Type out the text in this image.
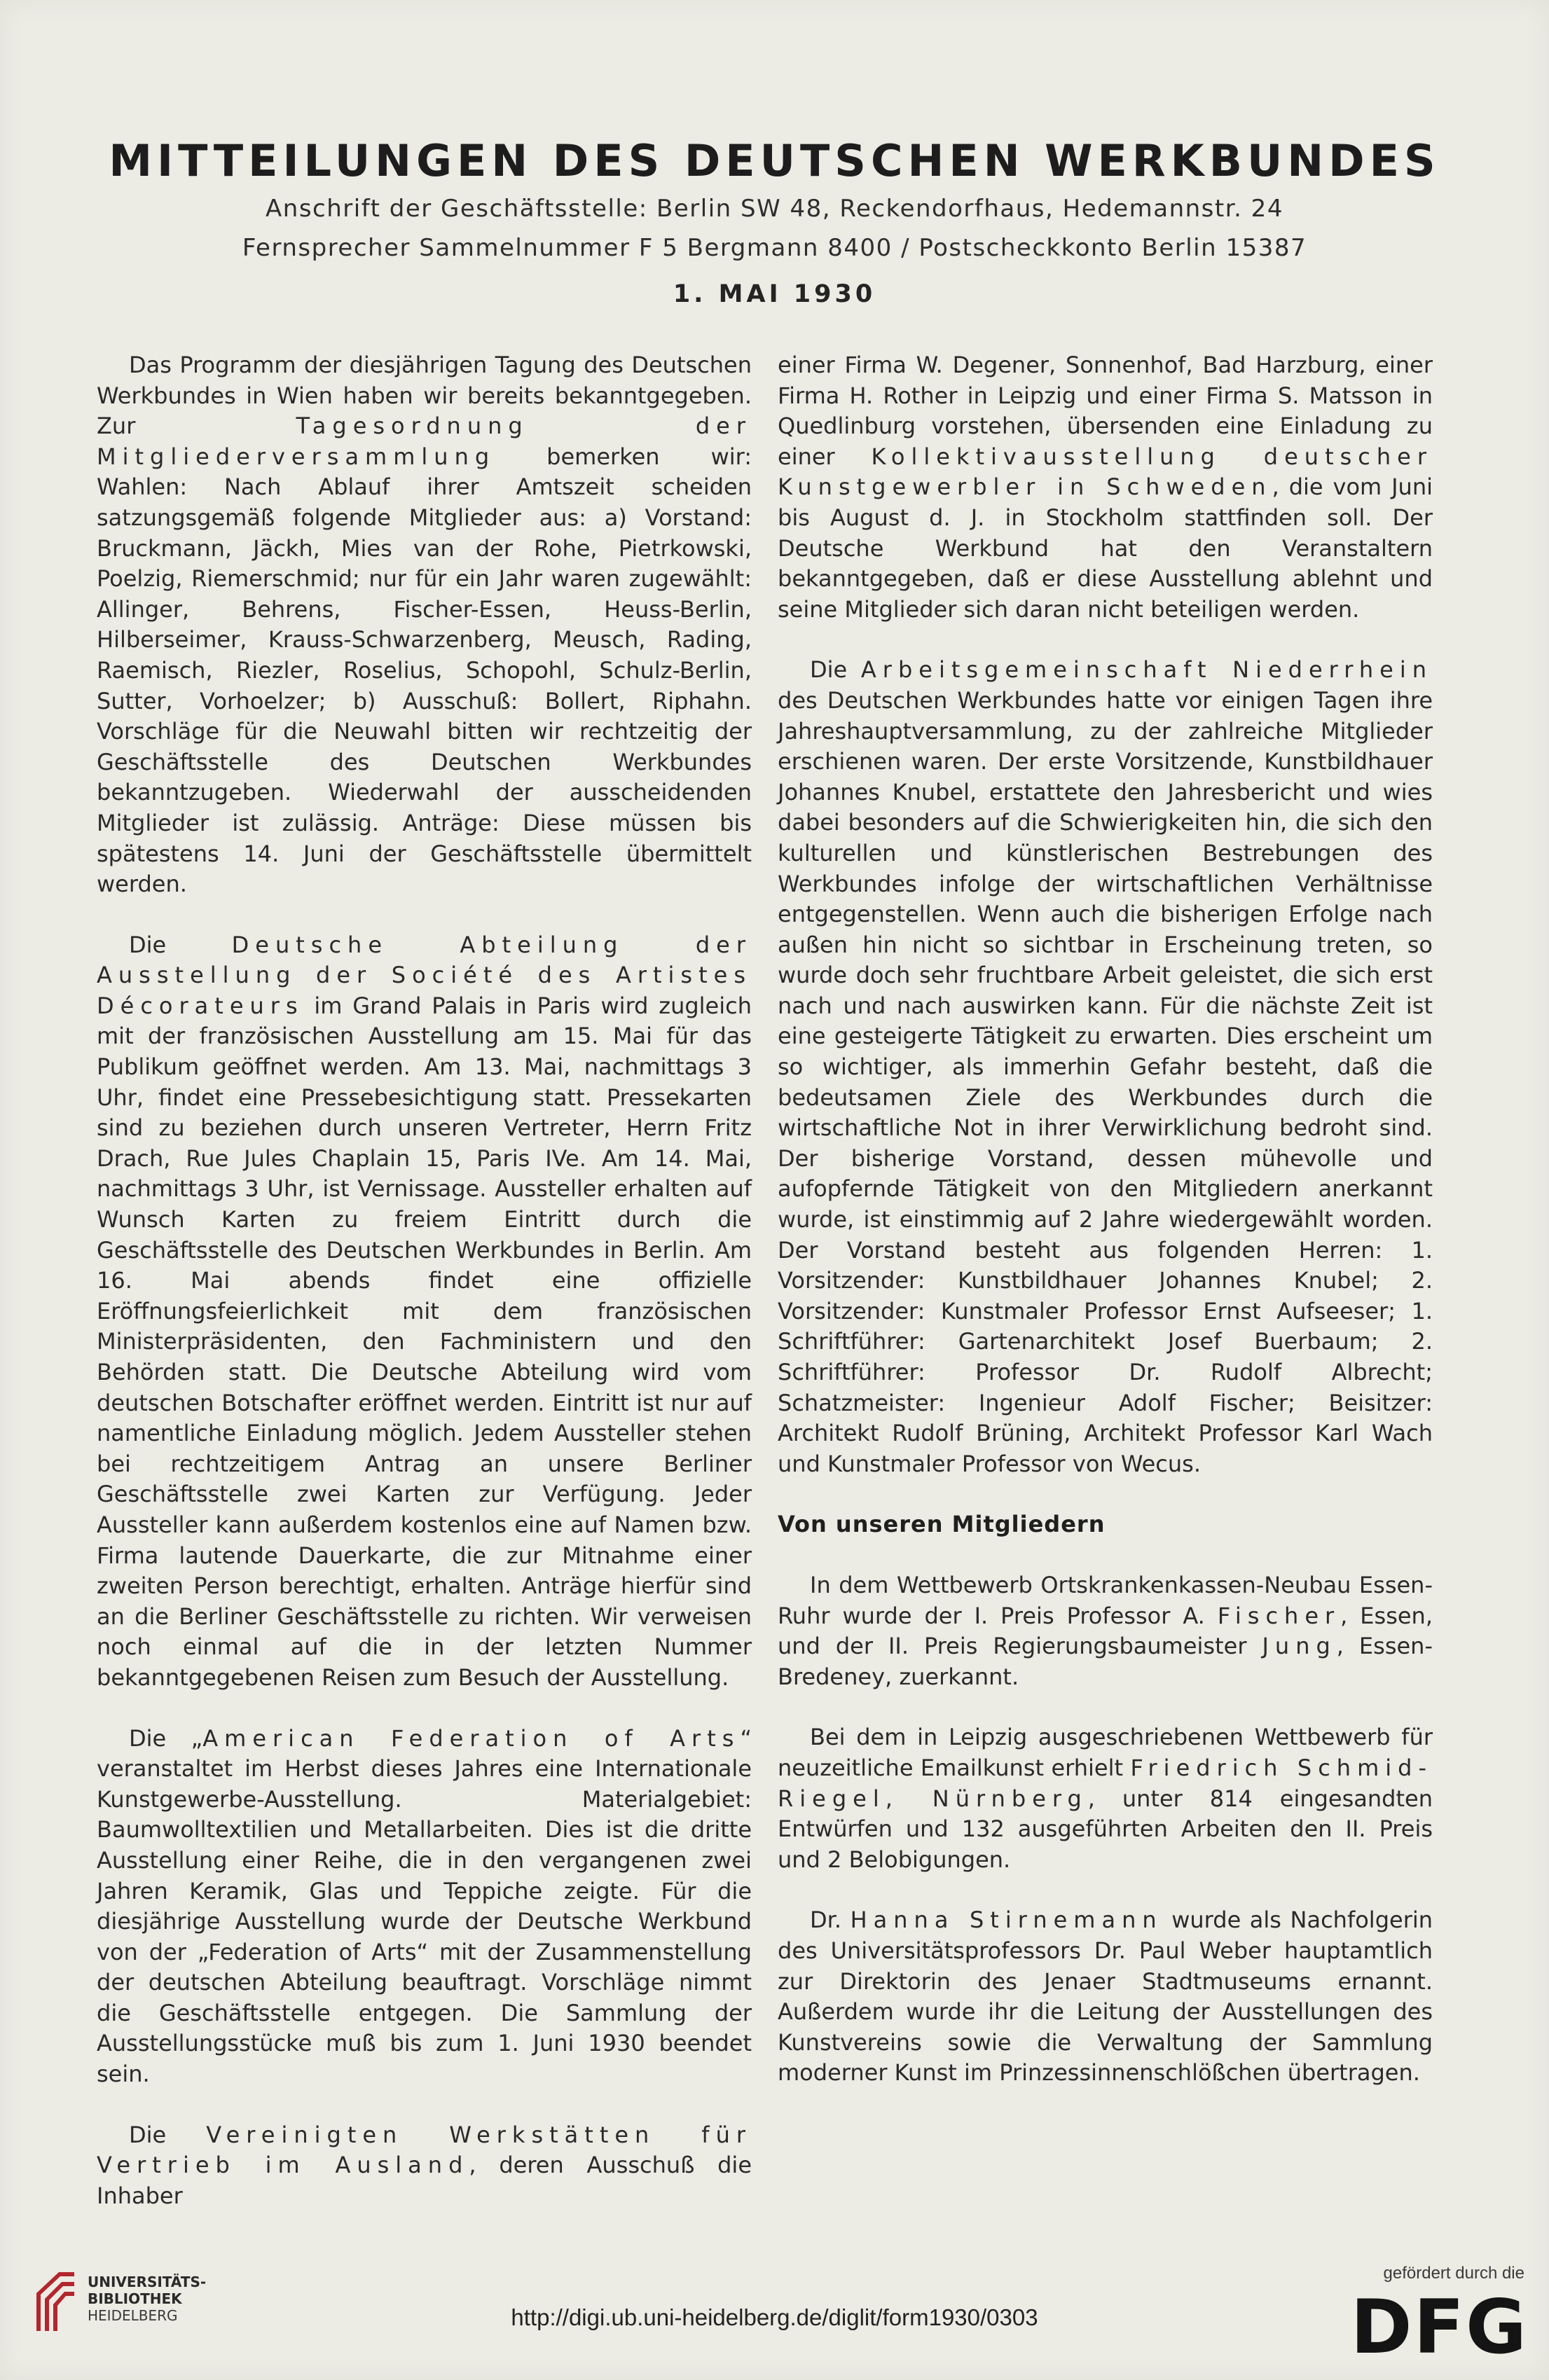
MITTEILUNGEN DES DEUTSCHEN WERKBUNDES
Anschrift der Geschäftsstelle: Berlin SW 48, Reckendorfhaus, Hedemannstr. 24
Fernsprecher Sammelnummer F 5 Bergmann 8400 / Postscheckkonto Berlin 15387
1. MAI 1930

Das Programm der diesjährigen Tagung des Deutschen Werkbundes in Wien haben wir bereits bekanntgegeben. Zur Tagesordnung der Mitgliederversammlung bemerken wir: Wahlen: Nach Ablauf ihrer Amtszeit scheiden satzungsgemäß folgende Mitglieder aus: a) Vorstand: Bruckmann, Jäckh, Mies van der Rohe, Pietrkowski, Poelzig, Riemerschmid; nur für ein Jahr waren zugewählt: Allinger, Behrens, Fischer-Essen, Heuss-Berlin, Hilberseimer, Krauss-Schwarzenberg, Meusch, Rading, Raemisch, Riezler, Roselius, Schopohl, Schulz-Berlin, Sutter, Vorhoelzer; b) Ausschuß: Bollert, Riphahn. Vorschläge für die Neuwahl bitten wir rechtzeitig der Geschäftsstelle des Deutschen Werkbundes bekanntzugeben. Wiederwahl der ausscheidenden Mitglieder ist zulässig. Anträge: Diese müssen bis spätestens 14. Juni der Geschäftsstelle übermittelt werden.

Die Deutsche Abteilung der Ausstellung der Société des Artistes Décorateurs im Grand Palais in Paris wird zugleich mit der französischen Ausstellung am 15. Mai für das Publikum geöffnet werden. Am 13. Mai, nachmittags 3 Uhr, findet eine Pressebesichtigung statt. Pressekarten sind zu beziehen durch unseren Vertreter, Herrn Fritz Drach, Rue Jules Chaplain 15, Paris IVe. Am 14. Mai, nachmittags 3 Uhr, ist Vernissage. Aussteller erhalten auf Wunsch Karten zu freiem Eintritt durch die Geschäftsstelle des Deutschen Werkbundes in Berlin. Am 16. Mai abends findet eine offizielle Eröffnungsfeierlichkeit mit dem französischen Ministerpräsidenten, den Fachministern und den Behörden statt. Die Deutsche Abteilung wird vom deutschen Botschafter eröffnet werden. Eintritt ist nur auf namentliche Einladung möglich. Jedem Aussteller stehen bei rechtzeitigem Antrag an unsere Berliner Geschäftsstelle zwei Karten zur Verfügung. Jeder Aussteller kann außerdem kostenlos eine auf Namen bzw. Firma lautende Dauerkarte, die zur Mitnahme einer zweiten Person berechtigt, erhalten. Anträge hierfür sind an die Berliner Geschäftsstelle zu richten. Wir verweisen noch einmal auf die in der letzten Nummer bekanntgegebenen Reisen zum Besuch der Ausstellung.

Die „American Federation of Arts“ veranstaltet im Herbst dieses Jahres eine Internationale Kunstgewerbe-Ausstellung. Materialgebiet: Baumwolltextilien und Metallarbeiten. Dies ist die dritte Ausstellung einer Reihe, die in den vergangenen zwei Jahren Keramik, Glas und Teppiche zeigte. Für die diesjährige Ausstellung wurde der Deutsche Werkbund von der „Federation of Arts“ mit der Zusammenstellung der deutschen Abteilung beauftragt. Vorschläge nimmt die Geschäftsstelle entgegen. Die Sammlung der Ausstellungsstücke muß bis zum 1. Juni 1930 beendet sein.

Die Vereinigten Werkstätten für Vertrieb im Ausland, deren Ausschuß die Inhaber

einer Firma W. Degener, Sonnenhof, Bad Harzburg, einer Firma H. Rother in Leipzig und einer Firma S. Matsson in Quedlinburg vorstehen, übersenden eine Einladung zu einer Kollektivausstellung deutscher Kunstgewerbler in Schweden, die vom Juni bis August d. J. in Stockholm stattfinden soll. Der Deutsche Werkbund hat den Veranstaltern bekanntgegeben, daß er diese Ausstellung ablehnt und seine Mitglieder sich daran nicht beteiligen werden.

Die Arbeitsgemeinschaft Niederrhein des Deutschen Werkbundes hatte vor einigen Tagen ihre Jahreshauptversammlung, zu der zahlreiche Mitglieder erschienen waren. Der erste Vorsitzende, Kunstbildhauer Johannes Knubel, erstattete den Jahresbericht und wies dabei besonders auf die Schwierigkeiten hin, die sich den kulturellen und künstlerischen Bestrebungen des Werkbundes infolge der wirtschaftlichen Verhältnisse entgegenstellen. Wenn auch die bisherigen Erfolge nach außen hin nicht so sichtbar in Erscheinung treten, so wurde doch sehr fruchtbare Arbeit geleistet, die sich erst nach und nach auswirken kann. Für die nächste Zeit ist eine gesteigerte Tätigkeit zu erwarten. Dies erscheint um so wichtiger, als immerhin Gefahr besteht, daß die bedeutsamen Ziele des Werkbundes durch die wirtschaftliche Not in ihrer Verwirklichung bedroht sind. Der bisherige Vorstand, dessen mühevolle und aufopfernde Tätigkeit von den Mitgliedern anerkannt wurde, ist einstimmig auf 2 Jahre wiedergewählt worden. Der Vorstand besteht aus folgenden Herren: 1. Vorsitzender: Kunstbildhauer Johannes Knubel; 2. Vorsitzender: Kunstmaler Professor Ernst Aufseeser; 1. Schriftführer: Gartenarchitekt Josef Buerbaum; 2. Schriftführer: Professor Dr. Rudolf Albrecht; Schatzmeister: Ingenieur Adolf Fischer; Beisitzer: Architekt Rudolf Brüning, Architekt Professor Karl Wach und Kunstmaler Professor von Wecus.

Von unseren Mitgliedern

In dem Wettbewerb Ortskrankenkassen-Neubau Essen-Ruhr wurde der I. Preis Professor A. Fischer, Essen, und der II. Preis Regierungsbaumeister Jung, Essen-Bredeney, zuerkannt.

Bei dem in Leipzig ausgeschriebenen Wettbewerb für neuzeitliche Emailkunst erhielt Friedrich Schmid-Riegel, Nürnberg, unter 814 eingesandten Entwürfen und 132 ausgeführten Arbeiten den II. Preis und 2 Belobigungen.

Dr. Hanna Stirnemann wurde als Nachfolgerin des Universitätsprofessors Dr. Paul Weber hauptamtlich zur Direktorin des Jenaer Stadtmuseums ernannt. Außerdem wurde ihr die Leitung der Ausstellungen des Kunstvereins sowie die Verwaltung der Sammlung moderner Kunst im Prinzessinnenschlößchen übertragen.

UNIVERSITÄTS-
BIBLIOTHEK
HEIDELBERG	http://digi.ub.uni-heidelberg.de/diglit/form1930/0303
gefördert durch die
DFG
